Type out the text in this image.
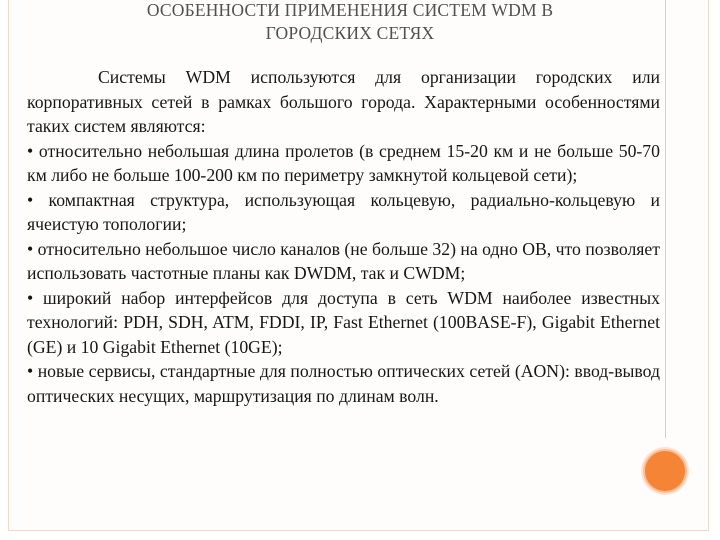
ОСОБЕННОСТИ ПРИМЕНЕНИЯ СИСТЕМ WDM В
ГОРОДСКИХ СЕТЯХ

Системы WDM используются для организации городских или корпоративных сетей в рамках большого города. Характерными особенностями таких систем являются:

• относительно небольшая длина пролетов (в среднем 15-20 км и не больше 50-70 км либо не больше 100-200 км по периметру замкнутой кольцевой сети);

• компактная структура, использующая кольцевую, радиально-кольцевую и ячеистую топологии;

• относительно небольшое число каналов (не больше 32) на одно ОВ, что позволяет использовать частотные планы как DWDM, так и CWDM;

• широкий набор интерфейсов для доступа в сеть WDM наиболее известных технологий: PDH, SDH, ATM, FDDI, IP, Fast Ethernet (100BASE-F), Gigabit Ethernet (GE) и 10 Gigabit Ethernet (10GE);

• новые сервисы, стандартные для полностью оптических сетей (AON): ввод-вывод оптических несущих, маршрутизация по длинам волн.
